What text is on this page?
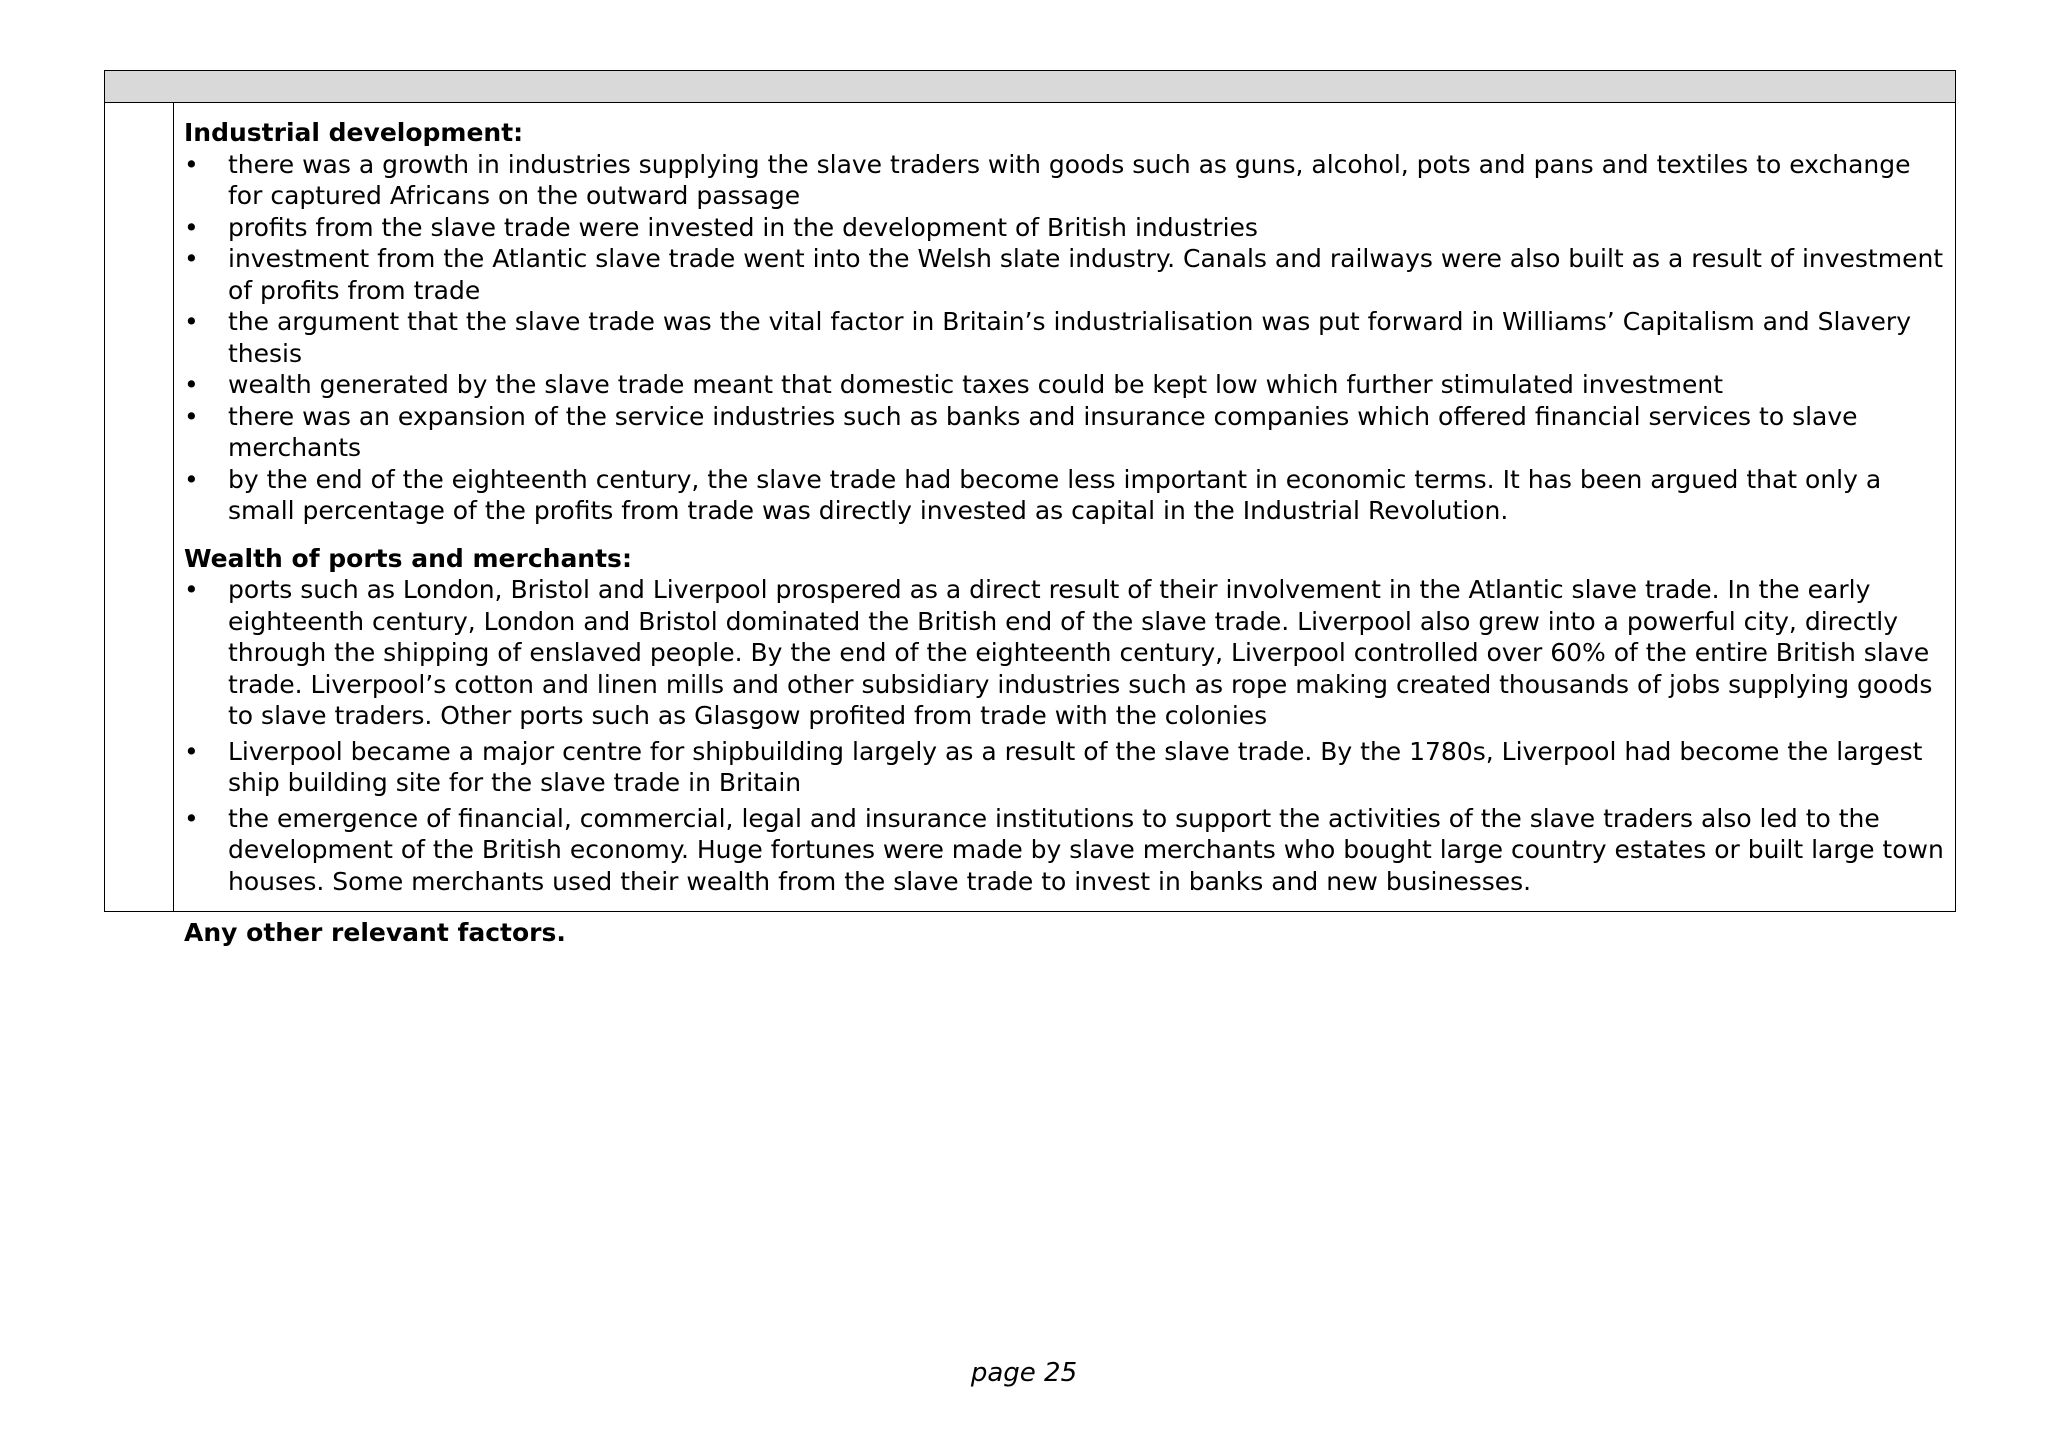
Industrial development:

• there was a growth in industries supplying the slave traders with goods such as guns, alcohol, pots and pans and textiles to exchange for captured Africans on the outward passage
• profits from the slave trade were invested in the development of British industries
• investment from the Atlantic slave trade went into the Welsh slate industry. Canals and railways were also built as a result of investment of profits from trade
• the argument that the slave trade was the vital factor in Britain’s industrialisation was put forward in Williams’ Capitalism and Slavery thesis
• wealth generated by the slave trade meant that domestic taxes could be kept low which further stimulated investment
• there was an expansion of the service industries such as banks and insurance companies which offered financial services to slave merchants
• by the end of the eighteenth century, the slave trade had become less important in economic terms. It has been argued that only a small percentage of the profits from trade was directly invested as capital in the Industrial Revolution.

Wealth of ports and merchants:

• ports such as London, Bristol and Liverpool prospered as a direct result of their involvement in the Atlantic slave trade. In the early eighteenth century, London and Bristol dominated the British end of the slave trade. Liverpool also grew into a powerful city, directly through the shipping of enslaved people. By the end of the eighteenth century, Liverpool controlled over 60% of the entire British slave trade. Liverpool’s cotton and linen mills and other subsidiary industries such as rope making created thousands of jobs supplying goods to slave traders. Other ports such as Glasgow profited from trade with the colonies
• Liverpool became a major centre for shipbuilding largely as a result of the slave trade. By the 1780s, Liverpool had become the largest ship building site for the slave trade in Britain
• the emergence of financial, commercial, legal and insurance institutions to support the activities of the slave traders also led to the development of the British economy. Huge fortunes were made by slave merchants who bought large country estates or built large town houses. Some merchants used their wealth from the slave trade to invest in banks and new businesses.

Any other relevant factors.

page 25
